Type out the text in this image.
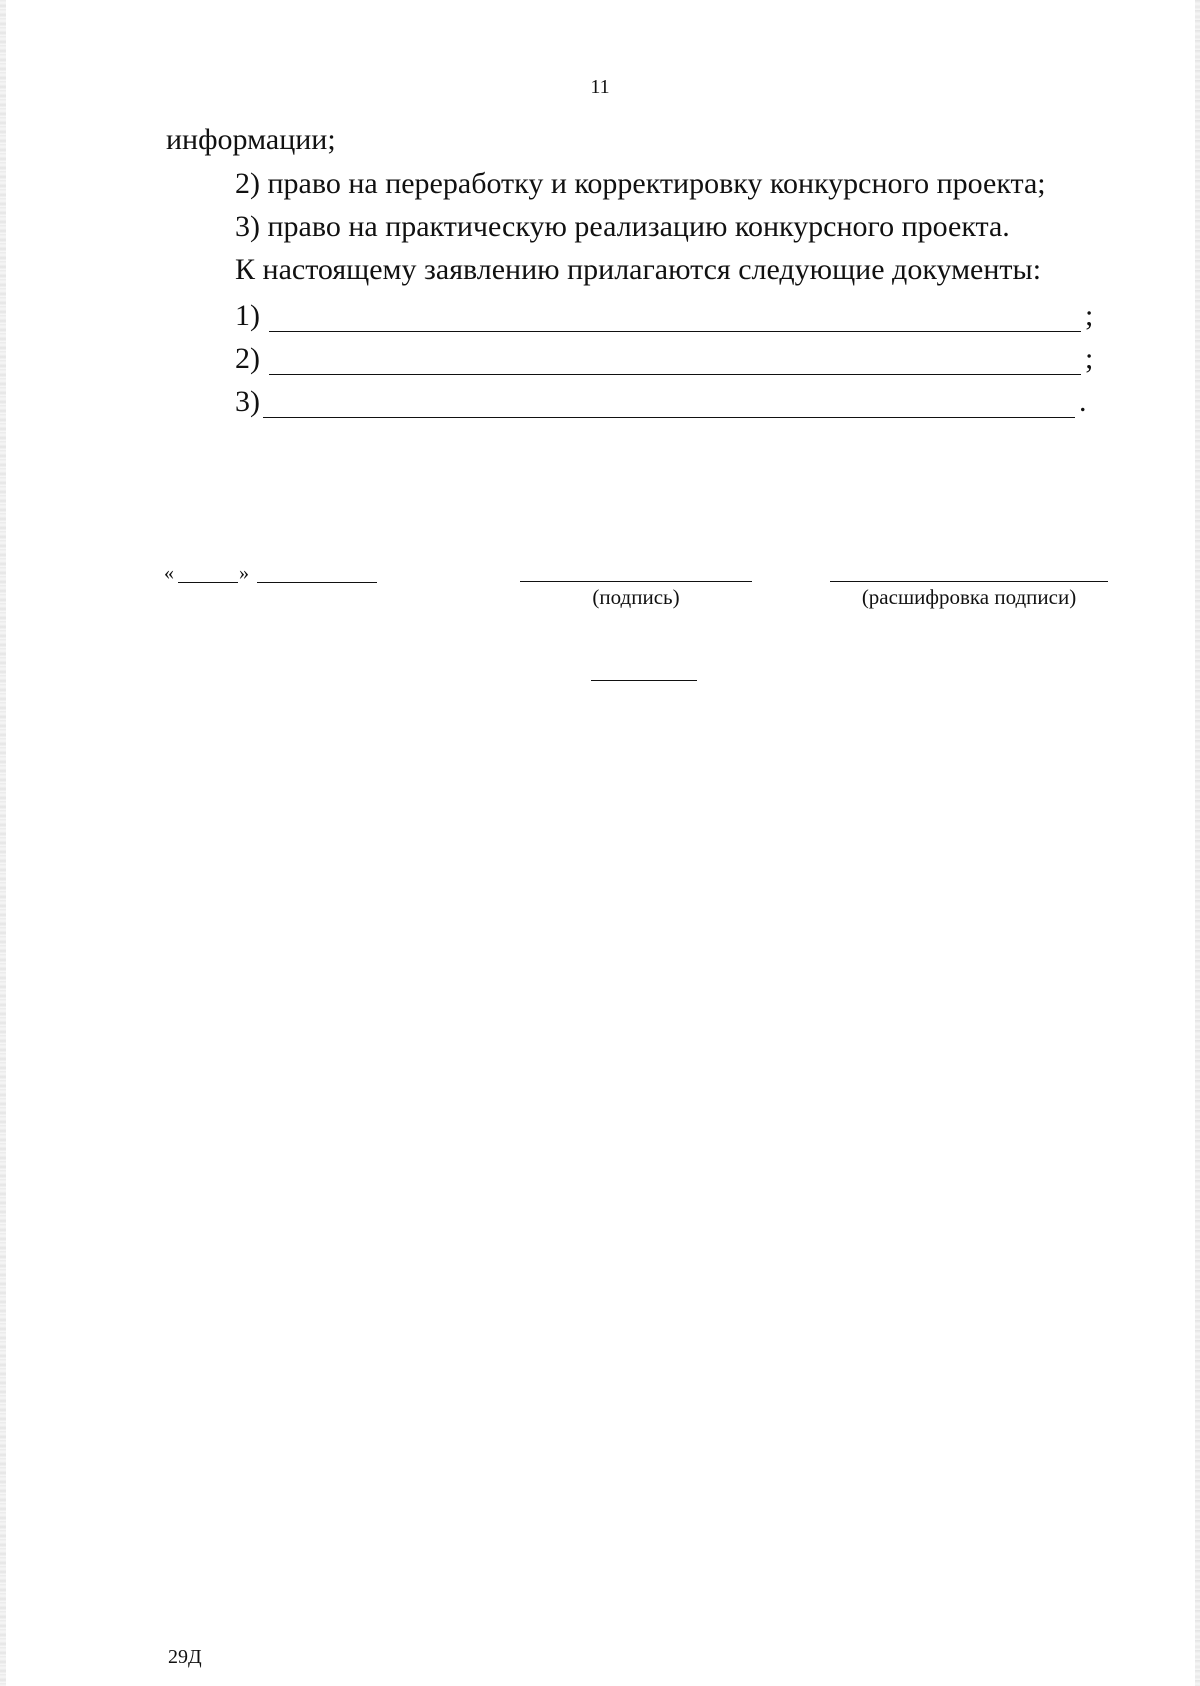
11
информации;
2) право на переработку и корректировку конкурсного проекта;
3) право на практическую реализацию конкурсного проекта.
К настоящему заявлению прилагаются следующие документы:
1)	;
2)	;
3)	.
«	»
(подпись)	(расшифровка подписи)
29Д
